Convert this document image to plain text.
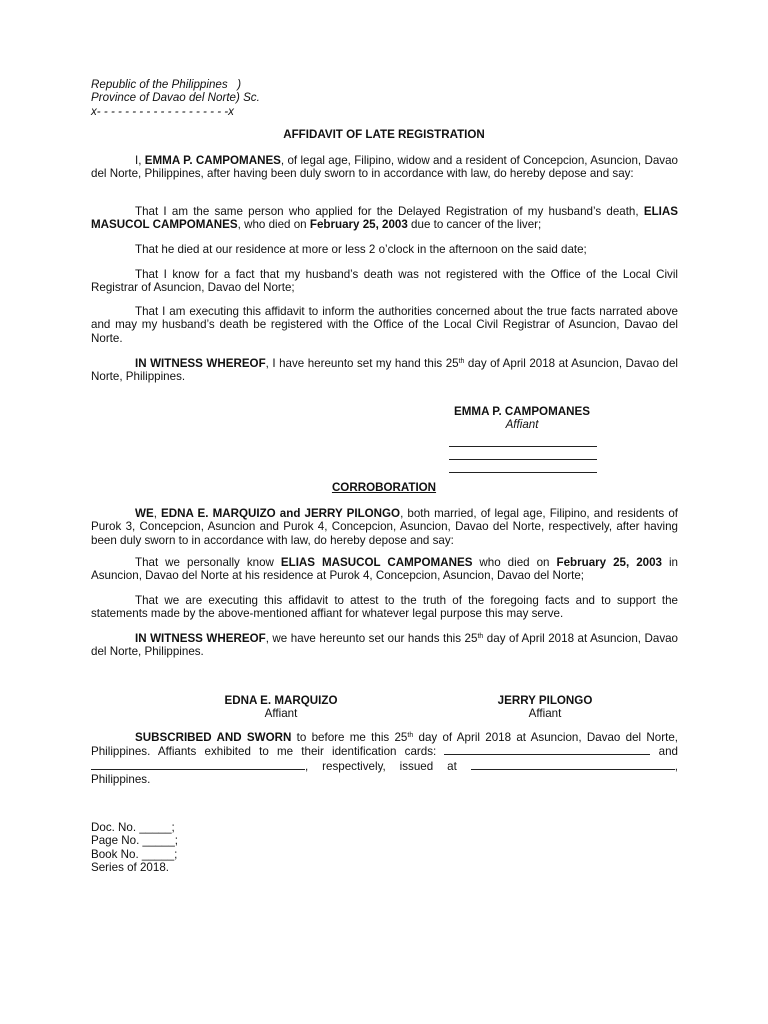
Republic of the Philippines   )
Province of Davao del Norte) Sc.
x- - - - - - - - - - - - - - - - - - -x
AFFIDAVIT OF LATE REGISTRATION

I, EMMA P. CAMPOMANES, of legal age, Filipino, widow and a resident of Concepcion, Asuncion, Davao del Norte, Philippines, after having been duly sworn to in accordance with law, do hereby depose and say:

That I am the same person who applied for the Delayed Registration of my husband’s death, ELIAS MASUCOL CAMPOMANES, who died on February 25, 2003 due to cancer of the liver;

That he died at our residence at more or less 2 o’clock in the afternoon on the said date;

That I know for a fact that my husband’s death was not registered with the Office of the Local Civil Registrar of Asuncion, Davao del Norte;

That I am executing this affidavit to inform the authorities concerned about the true facts narrated above and may my husband’s death be registered with the Office of the Local Civil Registrar of Asuncion, Davao del Norte.

IN WITNESS WHEREOF, I have hereunto set my hand this 25th day of April 2018 at Asuncion, Davao del Norte, Philippines.

EMMA P. CAMPOMANES
Affiant
CORROBORATION

WE, EDNA E. MARQUIZO and JERRY PILONGO, both married, of legal age, Filipino, and residents of Purok 3, Concepcion, Asuncion and Purok 4, Concepcion, Asuncion, Davao del Norte, respectively, after having been duly sworn to in accordance with law, do hereby depose and say:

That we personally know ELIAS MASUCOL CAMPOMANES who died on February 25, 2003 in Asuncion, Davao del Norte at his residence at Purok 4, Concepcion, Asuncion, Davao del Norte;

That we are executing this affidavit to attest to the truth of the foregoing facts and to support the statements made by the above-mentioned affiant for whatever legal purpose this may serve.

IN WITNESS WHEREOF, we have hereunto set our hands this 25th day of April 2018 at Asuncion, Davao del Norte, Philippines.

EDNA E. MARQUIZO
Affiant
JERRY PILONGO
Affiant

SUBSCRIBED AND SWORN to before me this 25th day of April 2018 at Asuncion, Davao del Norte, Philippines. Affiants exhibited to me their identification cards:	and , respectively, issued at	, Philippines.

Doc. No. _____;
Page No. _____;
Book No. _____;
Series of 2018.
